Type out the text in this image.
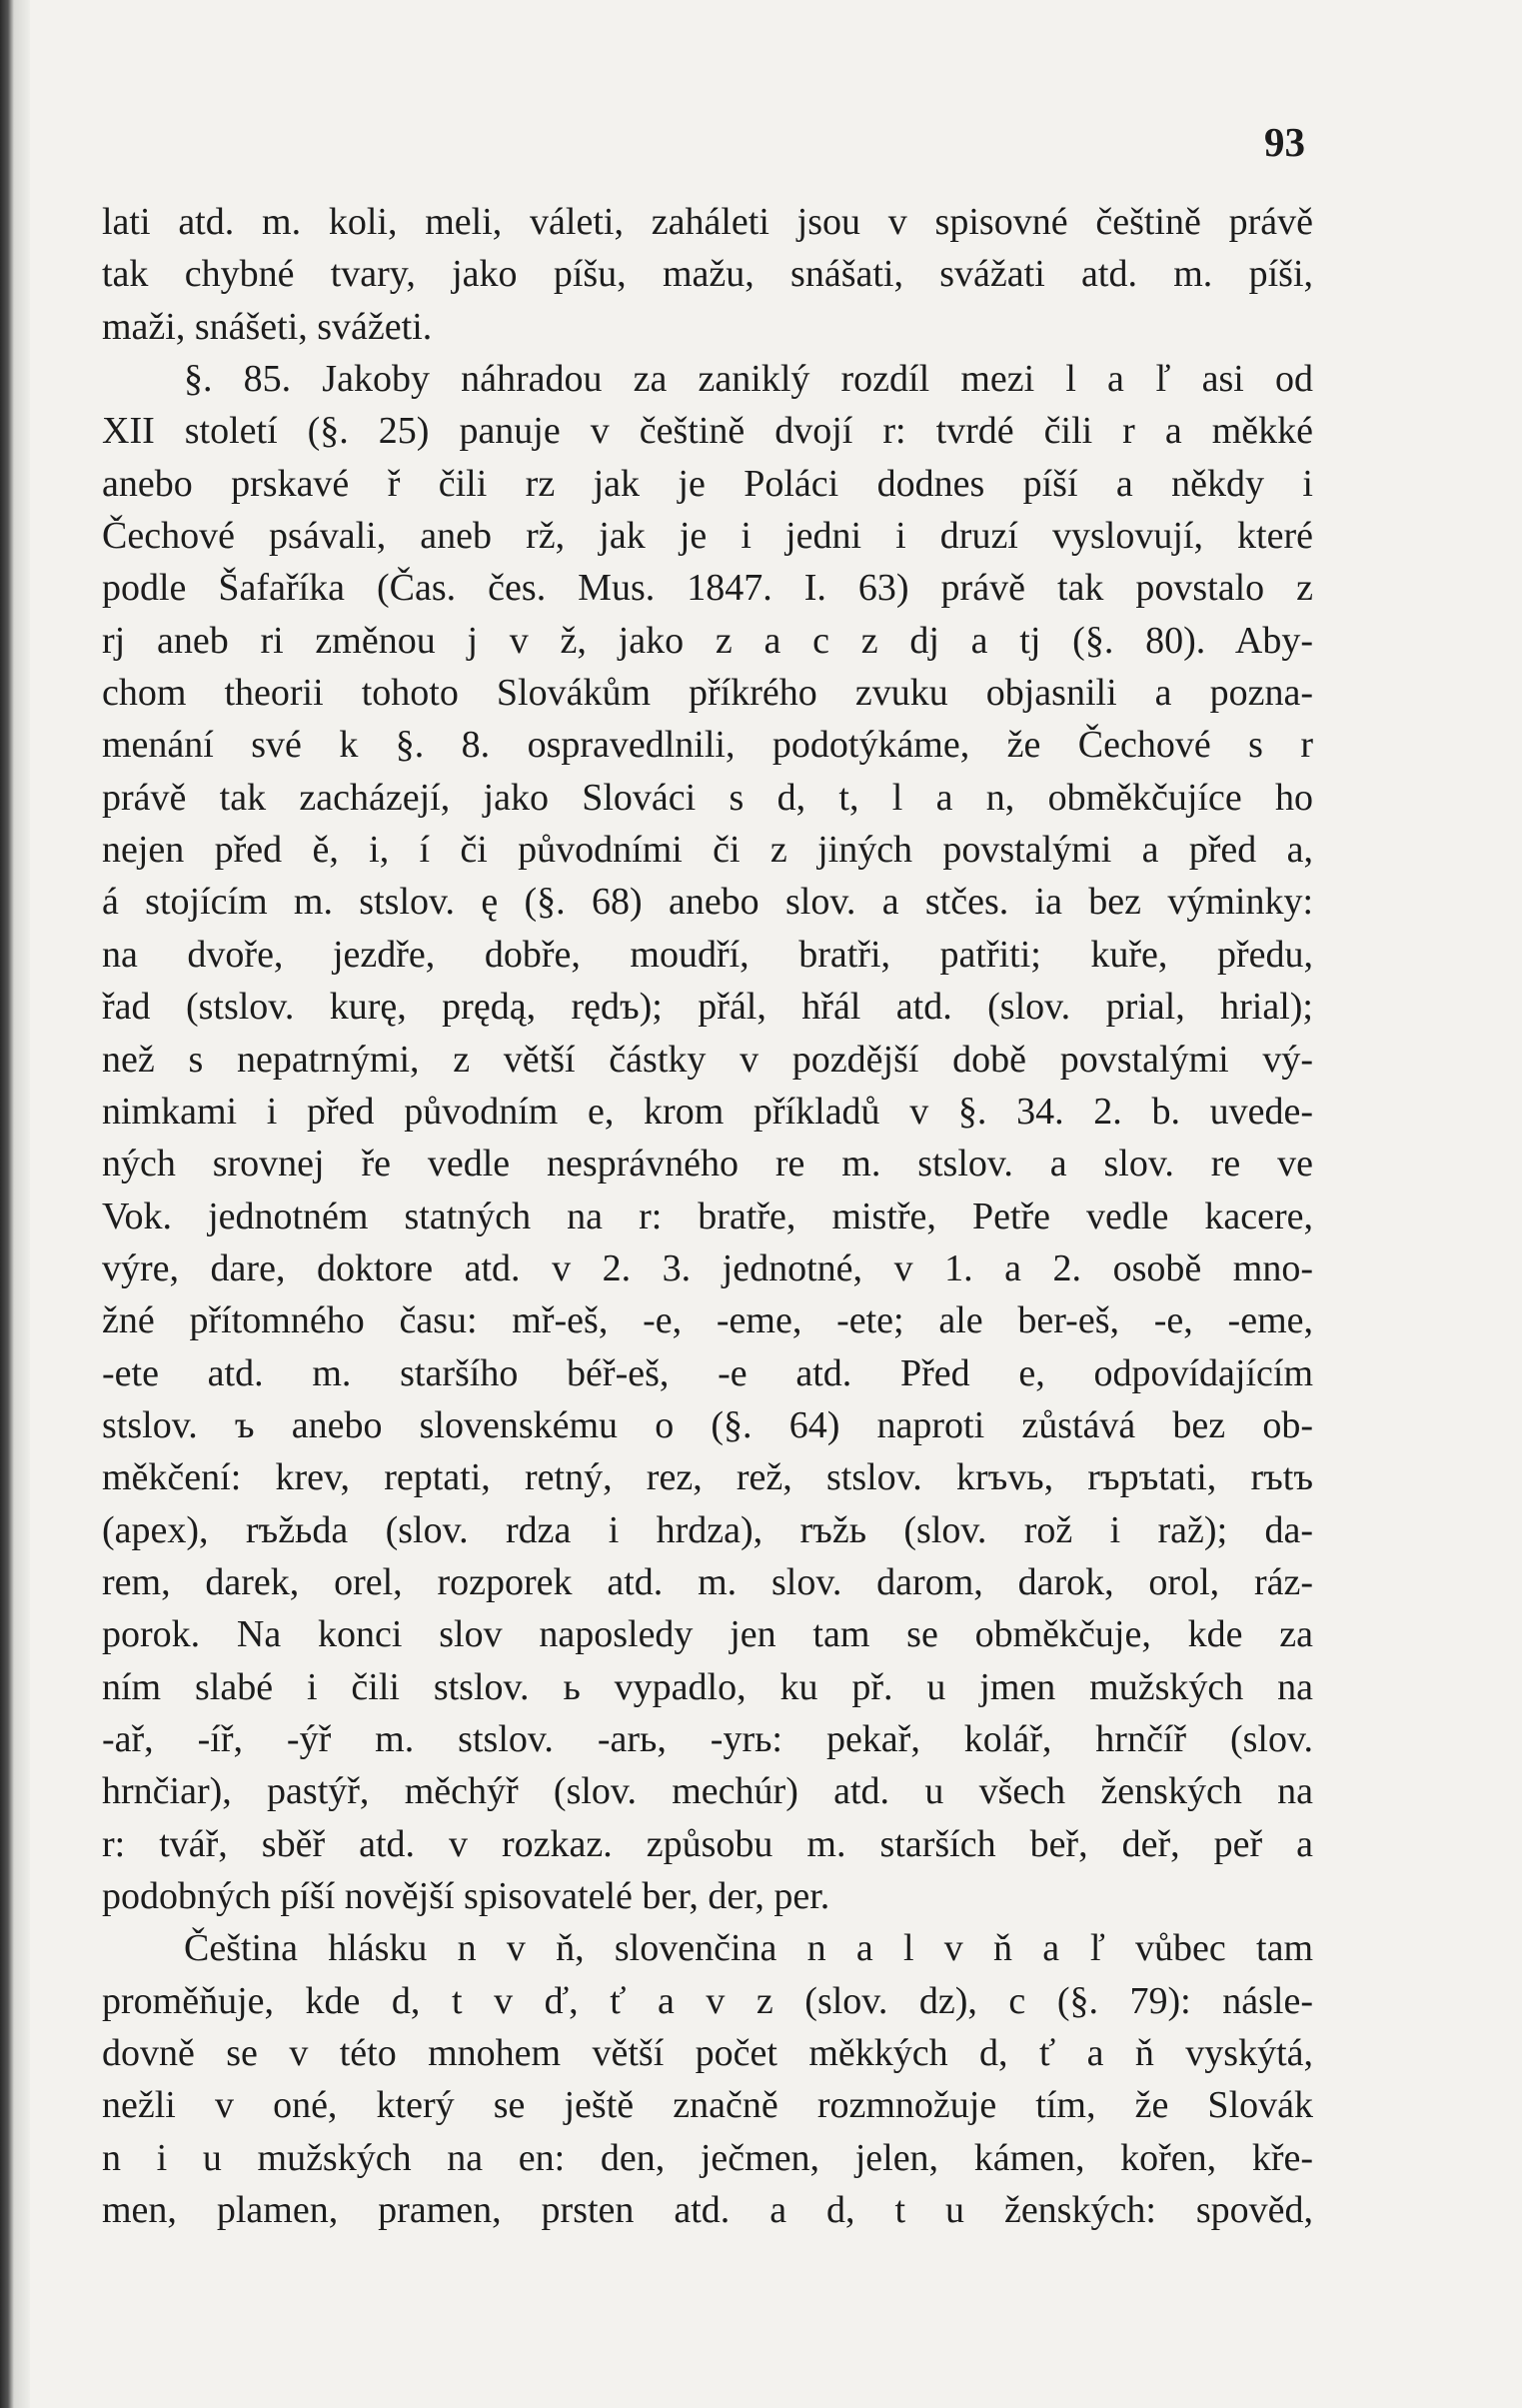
93
lati atd. m. koli, meli, váleti, zaháleti jsou v spisovné češtině právě
tak chybné tvary, jako píšu, mažu, snášati, svážati atd. m. píši,
maži, snášeti, svážeti.
§. 85. Jakoby náhradou za zaniklý rozdíl mezi l a ľ asi od
XII století (§. 25) panuje v češtině dvojí r: tvrdé čili r a měkké
anebo prskavé ř čili rz jak je Poláci dodnes píší a někdy i
Čechové psávali, aneb rž, jak je i jedni i druzí vyslovují, které
podle Šafaříka (Čas. čes. Mus. 1847. I. 63) právě tak povstalo z
rj aneb ri změnou j v ž, jako z a c z dj a tj (§. 80). Aby-
chom theorii tohoto Slovákům příkrého zvuku objasnili a pozna-
menání své k §. 8. ospravedlnili, podotýkáme, že Čechové s r
právě tak zacházejí, jako Slováci s d, t, l a n, obměkčujíce ho
nejen před ě, i, í či původními či z jiných povstalými a před a,
á stojícím m. stslov. ę (§. 68) anebo slov. a stčes. ia bez výminky:
na dvoře, jezdře, dobře, moudří, bratři, patřiti; kuře, předu,
řad (stslov. kurę, prędą, rędъ); přál, hřál atd. (slov. prial, hrial);
než s nepatrnými, z větší částky v pozdější době povstalými vý-
nimkami i před původním e, krom příkladů v §. 34. 2. b. uvede-
ných srovnej ře vedle nesprávného re m. stslov. a slov. re ve
Vok. jednotném statných na r: bratře, mistře, Petře vedle kacere,
výre, dare, doktore atd. v 2. 3. jednotné, v 1. a 2. osobě mno-
žné přítomného času: mř-eš, -e, -eme, -ete; ale ber-eš, -e, -eme,
-ete atd. m. staršího béř-eš, -e atd. Před e, odpovídajícím
stslov. ъ anebo slovenskému o (§. 64) naproti zůstává bez ob-
měkčení: krev, reptati, retný, rez, rež, stslov. krъvь, rъpъtati, rъtъ
(apex), rъžьda (slov. rdza i hrdza), rъžь (slov. rož i raž); da-
rem, darek, orel, rozporek atd. m. slov. darom, darok, orol, ráz-
porok. Na konci slov naposledy jen tam se obměkčuje, kde za
ním slabé i čili stslov. ь vypadlo, ku př. u jmen mužských na
-ař, -íř, -ýř m. stslov. -arь, -yrь: pekař, kolář, hrnčíř (slov.
hrnčiar), pastýř, měchýř (slov. mechúr) atd. u všech ženských na
r: tvář, sběř atd. v rozkaz. způsobu m. starších beř, deř, peř a
podobných píší novější spisovatelé ber, der, per.
Čeština hlásku n v ň, slovenčina n a l v ň a ľ vůbec tam
proměňuje, kde d, t v ď, ť a v z (slov. dz), c (§. 79): násle-
dovně se v této mnohem větší počet měkkých d, ť a ň vyskýtá,
nežli v oné, který se ještě značně rozmnožuje tím, že Slovák
n i u mužských na en: den, ječmen, jelen, kámen, kořen, kře-
men, plamen, pramen, prsten atd. a d, t u ženských: spověd,
